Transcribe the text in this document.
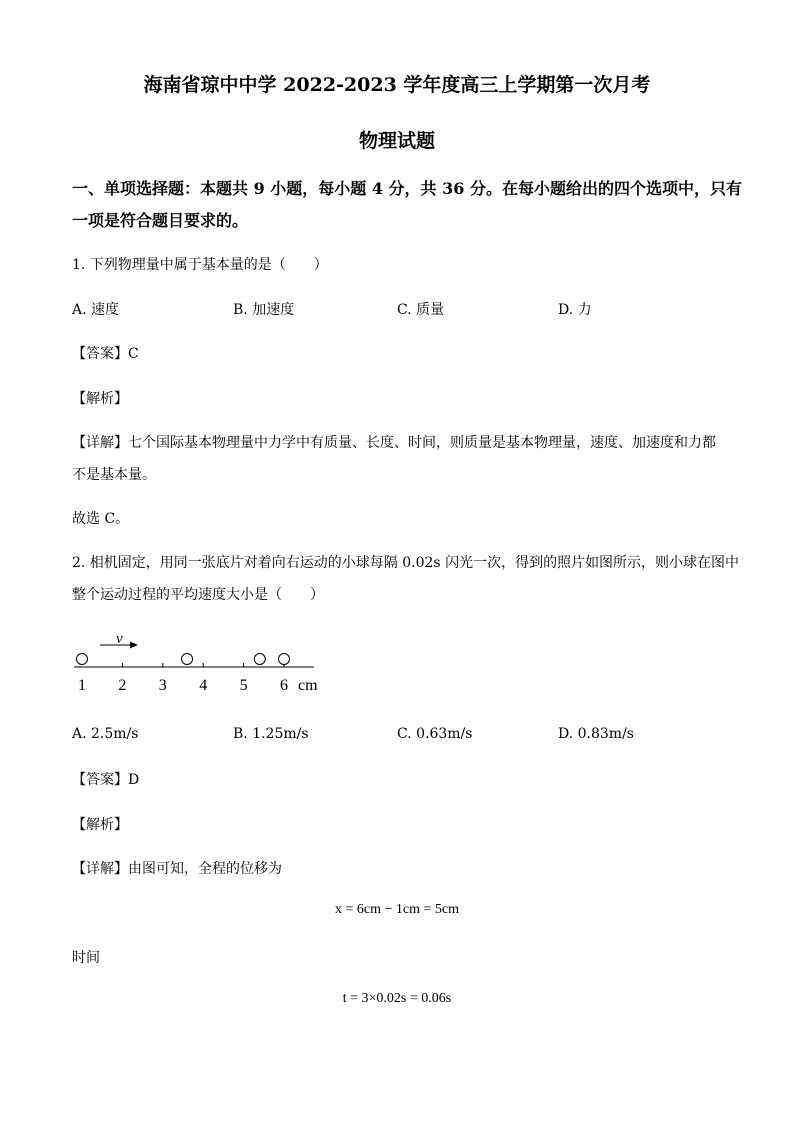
海南省琼中中学 2022-2023 学年度高三上学期第一次月考
物理试题
一、单项选择题：本题共 9 小题，每小题 4 分，共 36 分。在每小题给出的四个选项中，只有
一项是符合题目要求的。
1. 下列物理量中属于基本量的是（　　）
A. 速度	B. 加速度	C. 质量	D. 力
【答案】C
【解析】
【详解】七个国际基本物理量中力学中有质量、长度、时间，则质量是基本物理量，速度、加速度和力都
不是基本量。
故选 C。
2. 相机固定，用同一张底片对着向右运动的小球每隔 0.02s 闪光一次，得到的照片如图所示，则小球在图中
整个运动过程的平均速度大小是（　　）
v
1 2 3 4 5 6 cm
A. 2.5m/s	B. 1.25m/s	C. 0.63m/s	D. 0.83m/s
【答案】D
【解析】
【详解】由图可知，全程的位移为
x = 6cm − 1cm = 5cm
时间
t = 3×0.02s = 0.06s
